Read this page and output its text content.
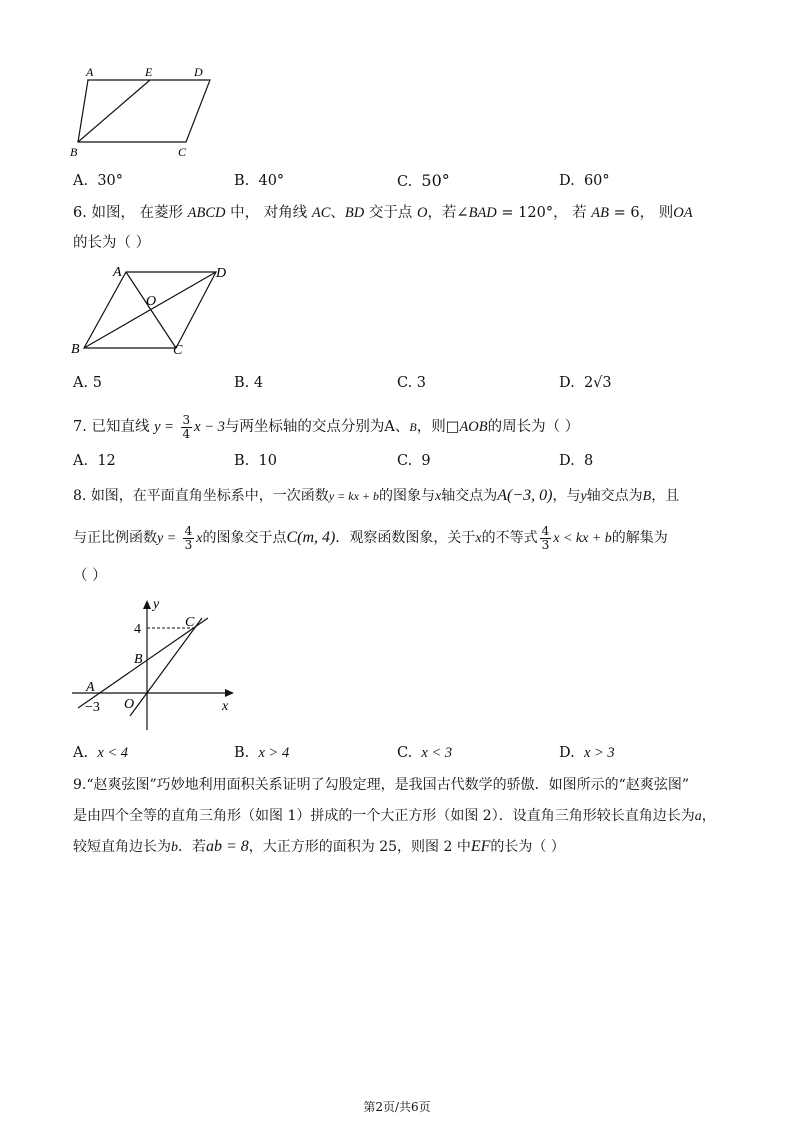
A	E	D
B	C
A. 30°	B. 40°	C. 50°	D. 60°
6. 如图， 在菱形 ABCD 中， 对角线 AC、BD 交于点 O，若∠BAD = 120°， 若 AB = 6， 则OA
的长为（ ）
A	D
O
B	C
A. 5	B. 4	C. 3	D. 2√3
7. 已知直线 $y = \frac{3}{4}$ x − 3与两坐标轴的交点分别为A、B，则□AOB的周长为（ ）
A. 12	B. 10	C. 9	D. 8
8. 如图，在平面直角坐标系中，一次函数y = kx + b的图象与x轴交点为A(−3, 0)，与y轴交点为B，且
与正比例函数$y = \frac{4}{3}$ x的图象交于点C(m, 4)．观察函数图象，关于x的不等式 $\frac{4}{3}$ x < kx + b的解集为
（ ）
y
x
4	C
B
A
−3 O
A. x < 4	B. x > 4	C. x < 3	D. x > 3
9.“赵爽弦图”巧妙地利用面积关系证明了勾股定理，是我国古代数学的骄傲．如图所示的“赵爽弦图”
是由四个全等的直角三角形（如图 1）拼成的一个大正方形（如图 2）．设直角三角形较长直角边长为a，
较短直角边长为b．若ab = 8，大正方形的面积为 25，则图 2 中EF的长为（ ）
第2页/共6页
